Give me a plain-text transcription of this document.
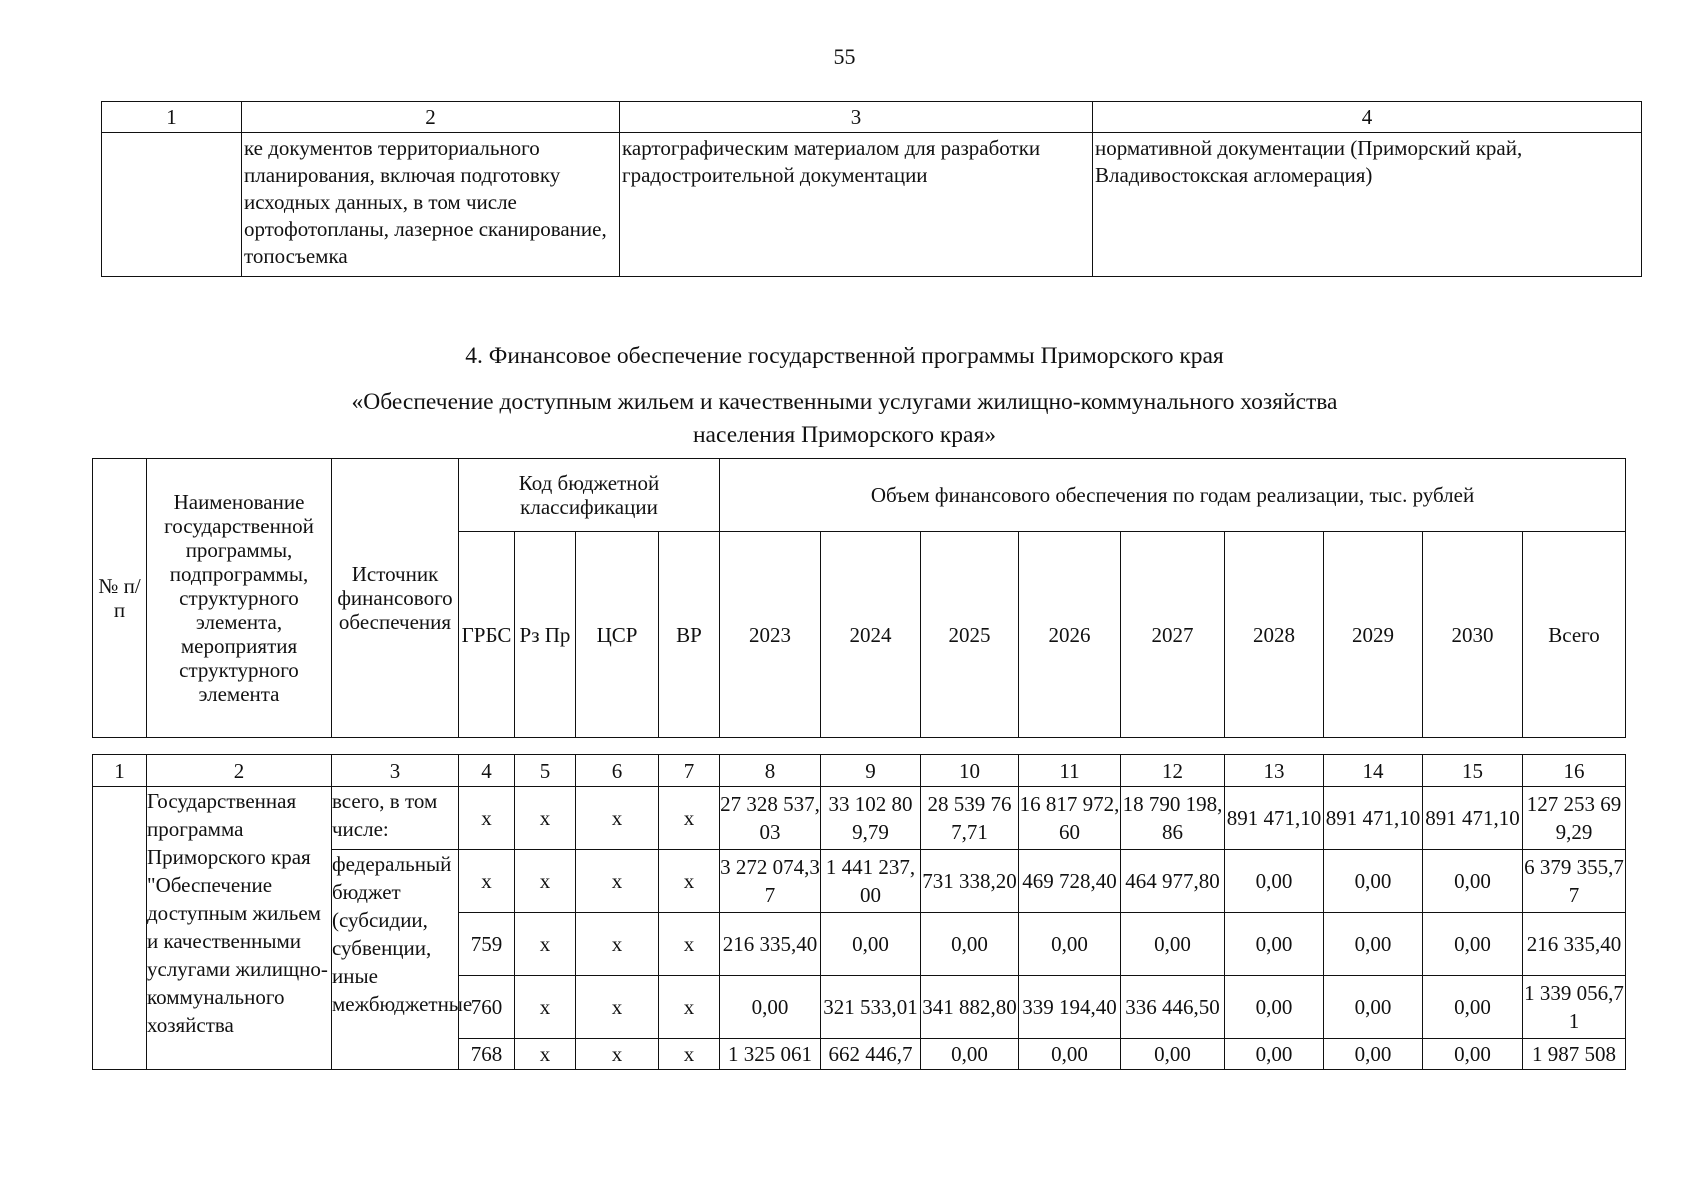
55
1	2	3	4
	ке документов территориального планирования, включая подготовку исходных данных, в том числе ортофотопланы, лазерное сканирование, топосъемка	картографическим материалом для разработки градостроительной документации	нормативной документации (Приморский край, Владивостокская агломерация)
4. Финансовое обеспечение государственной программы Приморского края
«Обеспечение доступным жильем и качественными услугами жилищно-коммунального хозяйства
населения Приморского края»
№ п/п	Наименование государственной программы, подпрограммы, структурного элемента, мероприятия структурного элемента	Источник финансового обеспечения	Код бюджетной классификации				Объем финансового обеспечения по годам реализации, тыс. рублей								
			ГРБС	Рз Пр	ЦСР	ВР	2023	2024	2025	2026	2027	2028	2029	2030	Всего
1	2	3	4	5	6	7	8	9	10	11	12	13	14	15	16
	Государственная программа Приморского края "Обеспечение доступным жильем и качественными услугами жилищно-коммунального хозяйства	всего, в том числе:	x	x	x	x	27 328 537,03	33 102 809,79	28 539 767,71	16 817 972,60	18 790 198,86	891 471,10	891 471,10	891 471,10	127 253 699,29

		федеральный бюджет (субсидии, субвенции, иные межбюджетные	x	x	x	x	3 272 074,37	1 441 237,00	731 338,20	469 728,40	464 977,80	0,00	0,00	0,00	6 379 355,77

			759	x	x	x	216 335,40	0,00	0,00	0,00	0,00	0,00	0,00	0,00	216 335,40

			760	x	x	x	0,00	321 533,01	341 882,80	339 194,40	336 446,50	0,00	0,00	0,00	1 339 056,71

			768	x	x	x	1 325 061	662 446,7	0,00	0,00	0,00	0,00	0,00	0,00	1 987 508
